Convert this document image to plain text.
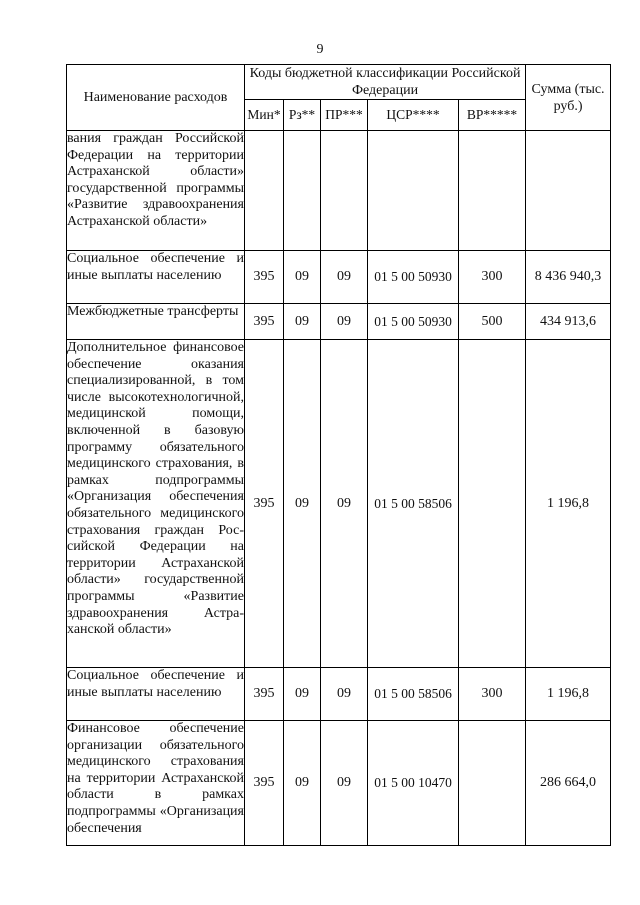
9
Наименование расходов	Коды бюджетной классификации Российской Федерации					Сумма (тыс. руб.)
	Мин*	Рз**	ПР***	ЦСР****	ВР*****	
вания граждан Российской Федерации на территории Астраханской области» государственной программы «Развитие здравоохранения Астраханской области»						
Социальное обеспечение и иные выплаты населению	395	09	09	01 5 00 50930	300	8 436 940,3
Межбюджетные трансферты	395	09	09	01 5 00 50930	500	434 913,6
Дополнительное финансовое обеспечение оказания специализированной, в том числе высокотехнологичной, медицинской помощи, включенной в базовую программу обязательного медицинского страхования, в рамках подпрограммы «Организация обеспечения обязательного медицинского страхования граждан Российской Федерации на территории Астраханской области» государственной программы «Развитие здравоохранения Астраханской области»	395	09	09	01 5 00 58506		1 196,8
Социальное обеспечение и иные выплаты населению	395	09	09	01 5 00 58506	300	1 196,8
Финансовое обеспечение организации обязательного медицинского страхования на территории Астраханской области в рамках подпрограммы «Организация обеспечения	395	09	09	01 5 00 10470		286 664,0
